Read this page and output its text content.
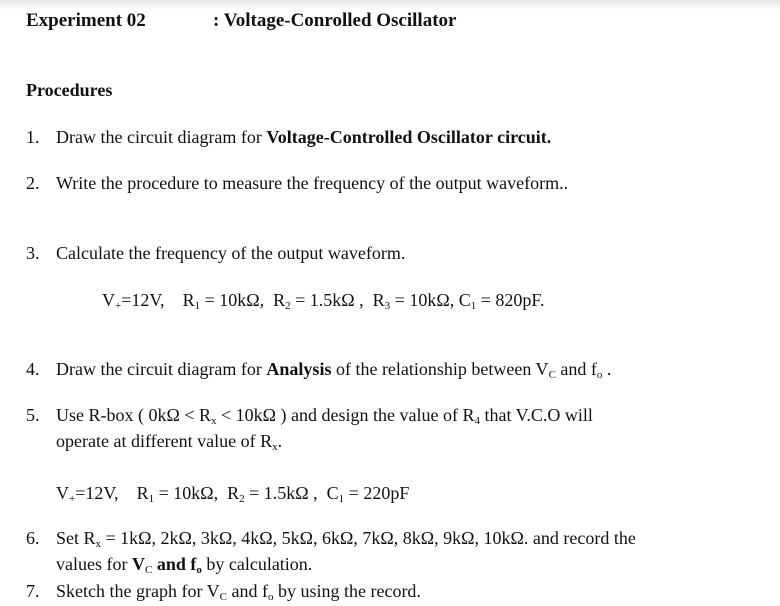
Experiment 02	: Voltage-Conrolled Oscillator
Procedures
1. Draw the circuit diagram for Voltage-Controlled Oscillator circuit.
2. Write the procedure to measure the frequency of the output waveform..
3. Calculate the frequency of the output waveform.
$V_+=12V$, $R_1 = 10k\Omega$, $R_2 = 1.5k\Omega$ , $R_3 = 10k\Omega$, $C_1 = 820pF$.
4. Draw the circuit diagram for Analysis of the relationship between $V_C$ and $f_o$ .
5. Use R-box ( $0k\Omega < R_x < 10k\Omega$ ) and design the value of $R_4$ that V.C.O will
operate at different value of $R_x$.
$V_+=12V$, $R_1 = 10k\Omega$, $R_2 = 1.5k\Omega$ , $C_1 = 220pF$
6. Set $R_x = 1k\Omega$, 2kΩ, 3kΩ, 4kΩ, 5kΩ, 6kΩ, 7kΩ, 8kΩ, 9kΩ, 10kΩ. and record the
values for $V_C$ and $f_o$ by calculation.
7. Sketch the graph for $V_C$ and $f_o$ by using the record.
